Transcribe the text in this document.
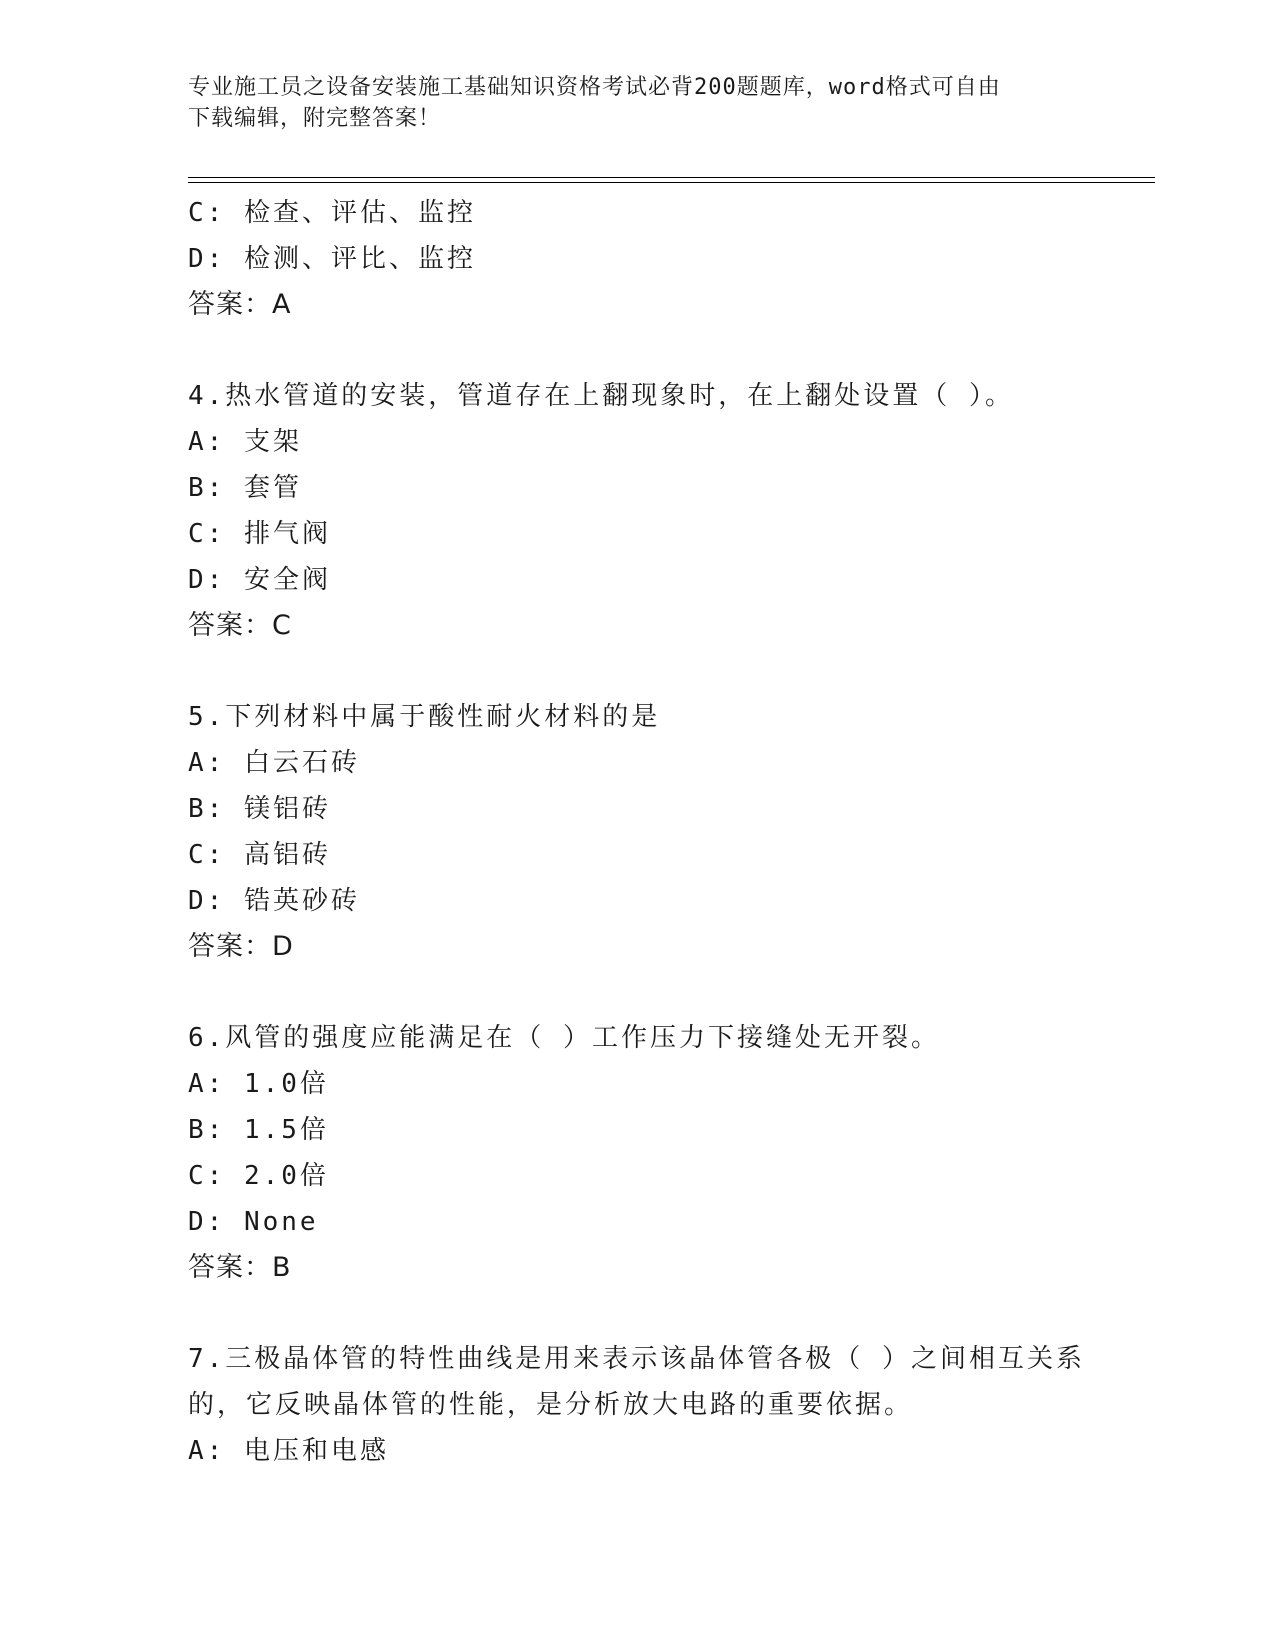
专业施工员之设备安装施工基础知识资格考试必背200题题库，word格式可自由
下载编辑，附完整答案！
C: 检查、评估、监控
D: 检测、评比、监控
答案：A
4.热水管道的安装，管道存在上翻现象时，在上翻处设置（ ）。
A: 支架
B: 套管
C: 排气阀
D: 安全阀
答案：C
5.下列材料中属于酸性耐火材料的是
A: 白云石砖
B: 镁铝砖
C: 高铝砖
D: 锆英砂砖
答案：D
6.风管的强度应能满足在（ ）工作压力下接缝处无开裂。
A: 1.0倍
B: 1.5倍
C: 2.0倍
D: None
答案：B
7.三极晶体管的特性曲线是用来表示该晶体管各极（ ）之间相互关系
的，它反映晶体管的性能，是分析放大电路的重要依据。
A: 电压和电感
